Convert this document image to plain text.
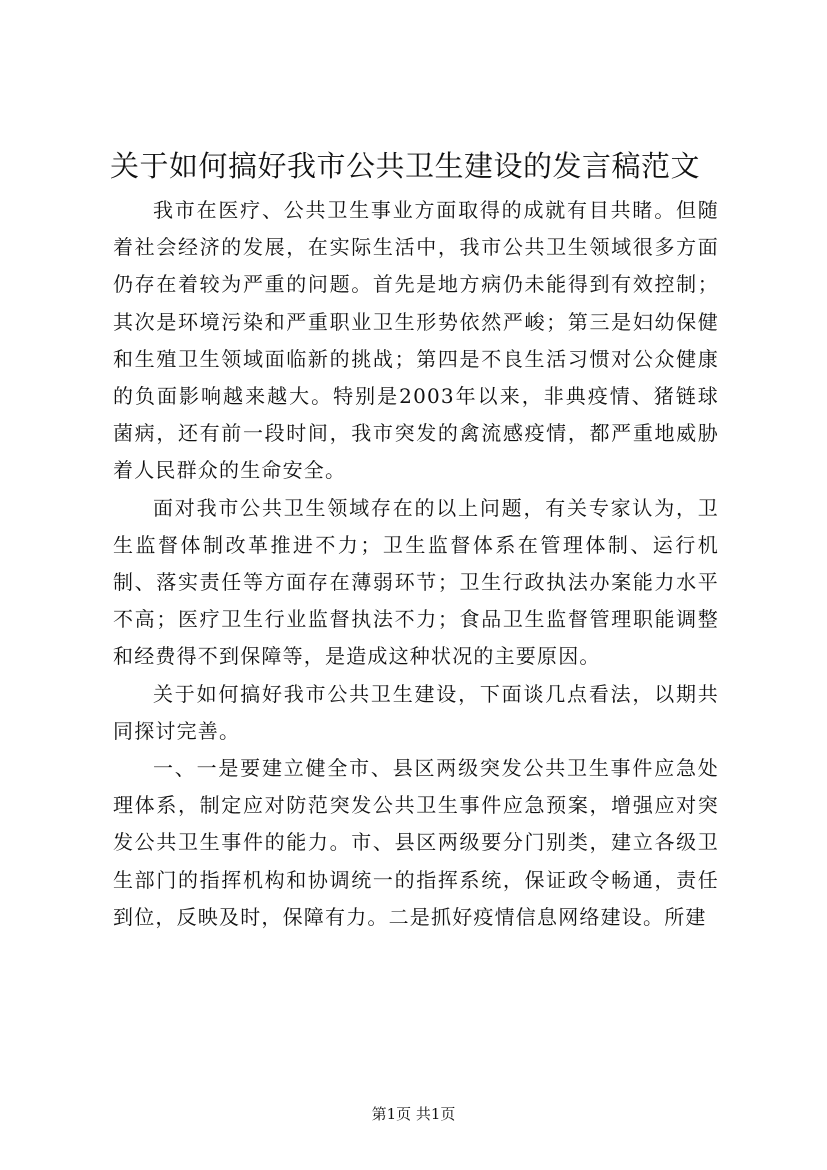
关于如何搞好我市公共卫生建设的发言稿范文

我市在医疗、公共卫生事业方面取得的成就有目共睹。但随着社会经济的发展，在实际生活中，我市公共卫生领域很多方面仍存在着较为严重的问题。首先是地方病仍未能得到有效控制；其次是环境污染和严重职业卫生形势依然严峻；第三是妇幼保健和生殖卫生领域面临新的挑战；第四是不良生活习惯对公众健康的负面影响越来越大。特别是2003年以来，非典疫情、猪链球菌病，还有前一段时间，我市突发的禽流感疫情，都严重地威胁着人民群众的生命安全。

面对我市公共卫生领域存在的以上问题，有关专家认为，卫生监督体制改革推进不力；卫生监督体系在管理体制、运行机制、落实责任等方面存在薄弱环节；卫生行政执法办案能力水平不高；医疗卫生行业监督执法不力；食品卫生监督管理职能调整和经费得不到保障等，是造成这种状况的主要原因。

关于如何搞好我市公共卫生建设，下面谈几点看法，以期共同探讨完善。

一、一是要建立健全市、县区两级突发公共卫生事件应急处理体系，制定应对防范突发公共卫生事件应急预案，增强应对突发公共卫生事件的能力。市、县区两级要分门别类，建立各级卫生部门的指挥机构和协调统一的指挥系统，保证政令畅通，责任到位，反映及时，保障有力。二是抓好疫情信息网络建设。所建

第1页 共1页
